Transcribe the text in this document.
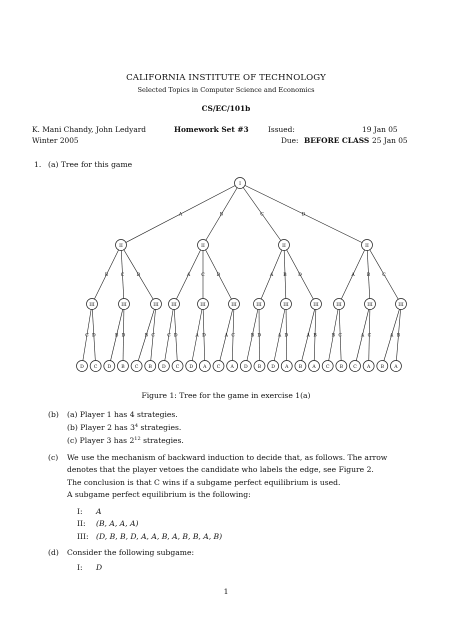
CALIFORNIA INSTITUTE OF TECHNOLOGY
Selected Topics in Computer Science and Economics
CS/EC/101b
K. Mani Chandy, John Ledyard	Homework Set #3	Issued:	19 Jan 05
Winter 2005	Due: BEFORE CLASS 25 Jan 05
1. (a) Tree for this game
A	B	C	D
B	C	D	A C	D	A B D	A	B	C
C D	B D	B C	C D	A D	A C	B D	A D	A B	B C	A C	A B
I
II	II	II	II
III	III	III	III	III	III	III	III	III	III	III	III
D C D B C B D C D A C A D B D A B A C B C A B A
Figure 1: Tree for the game in exercise 1(a)
(b) (a) Player 1 has 4 strategies.
(b) Player 2 has $3^4$ strategies.
(c) Player 3 has $2^{12}$ strategies.
(c) We use the mechanism of backward induction to decide that, as follows. The arrow
denotes that the player vetoes the candidate who labels the edge, see Figure 2.
The conclusion is that C wins if a subgame perfect equilibrium is used.
A subgame perfect equilibrium is the following:
I: A
II: (B, A, A, A)
III: (D, B, B, D, A, A, B, A, B, B, A, B)
(d) Consider the following subgame:
I: D
1
